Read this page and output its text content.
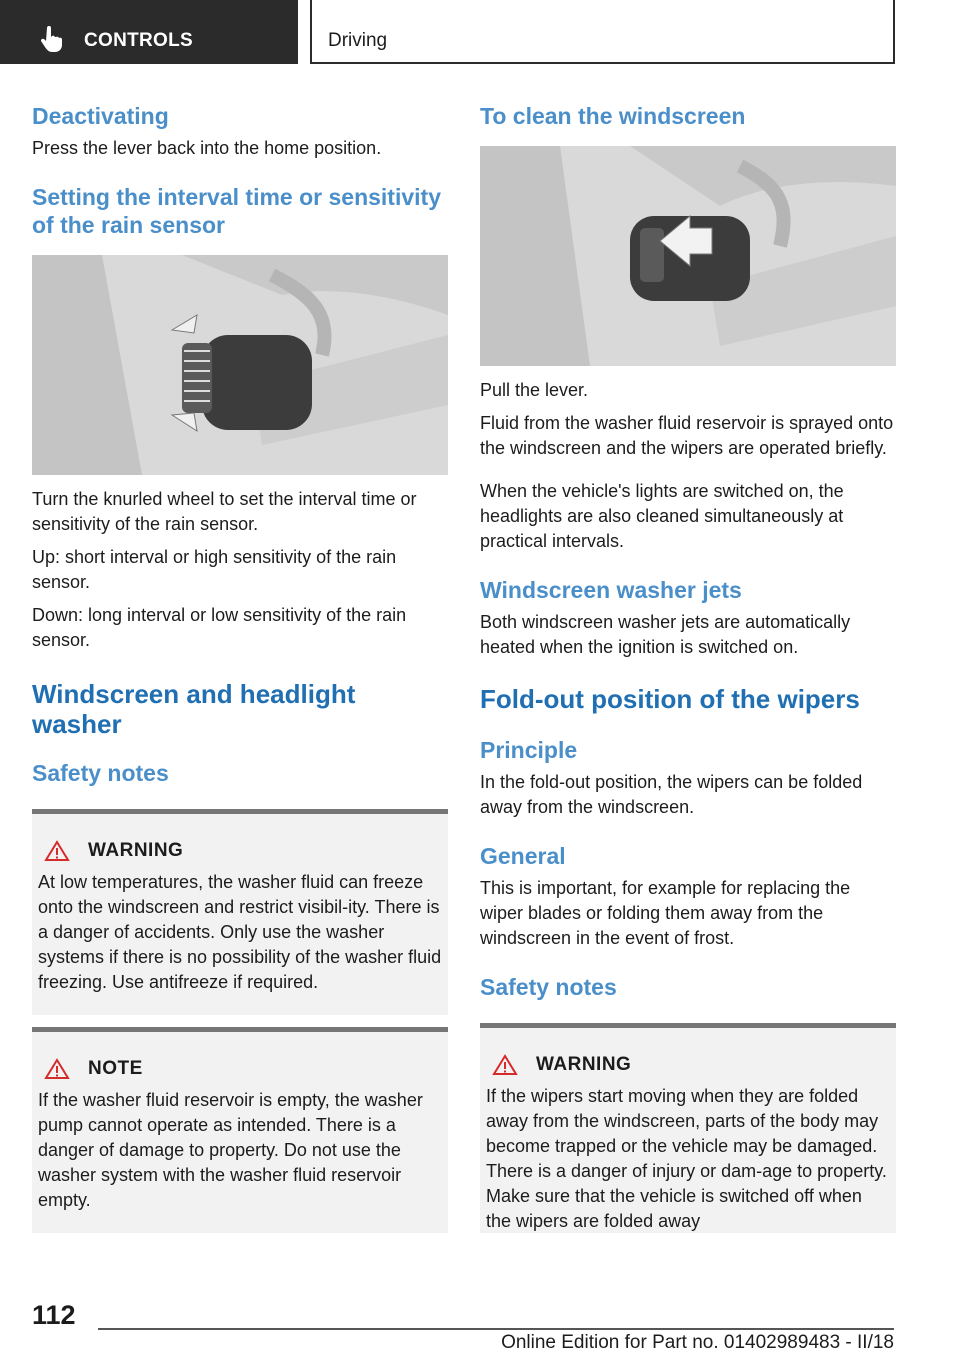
CONTROLS	Driving
Deactivating

Press the lever back into the home position.

Setting the interval time or sensitivity of the rain sensor

Turn the knurled wheel to set the interval time or sensitivity of the rain sensor.

Up: short interval or high sensitivity of the rain sensor.

Down: long interval or low sensitivity of the rain sensor.

Windscreen and headlight washer
Safety notes
WARNING

At low temperatures, the washer fluid can freeze onto the windscreen and restrict visibil-ity. There is a danger of accidents. Only use the washer systems if there is no possibility of the washer fluid freezing. Use antifreeze if required.

NOTE

If the washer fluid reservoir is empty, the washer pump cannot operate as intended. There is a danger of damage to property. Do not use the washer system with the washer fluid reservoir empty.

To clean the windscreen

Pull the lever.

Fluid from the washer fluid reservoir is sprayed onto the windscreen and the wipers are operated briefly.

When the vehicle's lights are switched on, the headlights are also cleaned simultaneously at practical intervals.

Windscreen washer jets

Both windscreen washer jets are automatically heated when the ignition is switched on.

Fold-out position of the wipers
Principle

In the fold-out position, the wipers can be folded away from the windscreen.

General

This is important, for example for replacing the wiper blades or folding them away from the windscreen in the event of frost.

Safety notes
WARNING

If the wipers start moving when they are folded away from the windscreen, parts of the body may become trapped or the vehicle may be damaged. There is a danger of injury or dam-age to property. Make sure that the vehicle is switched off when the wipers are folded away

112
Online Edition for Part no. 01402989483 - II/18
